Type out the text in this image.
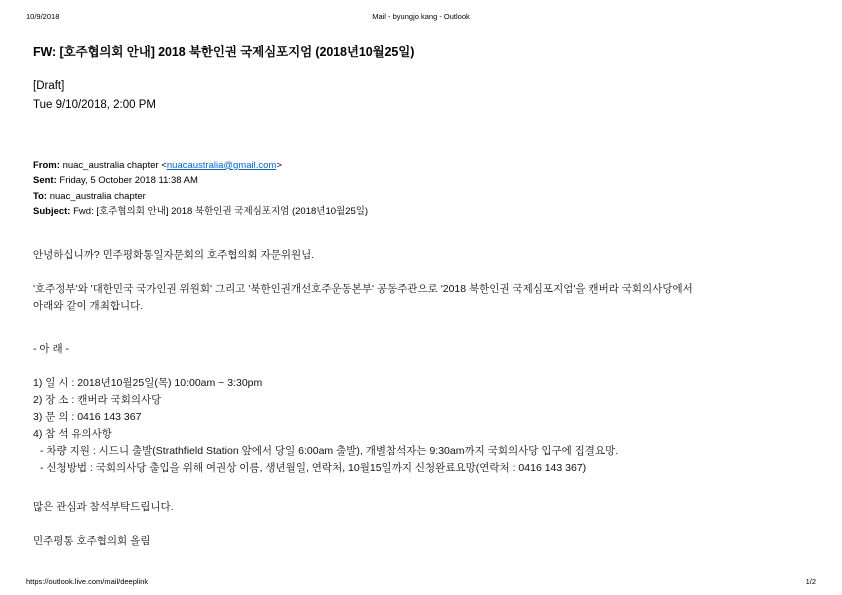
10/9/2018	Mail - byungjo kang - Outlook
FW: [호주협의회 안내] 2018 북한인권 국제심포지엄 (2018년10월25일)
[Draft]
Tue 9/10/2018, 2:00 PM
From: nuac_australia chapter <nuacaustralia@gmail.com>
Sent: Friday, 5 October 2018 11:38 AM
To: nuac_australia chapter
Subject: Fwd: [호주협의회 안내] 2018 북한인권 국제심포지엄 (2018년10월25일)
안녕하십니까? 민주평화통일자문회의 호주협의회 자문위원님.
'호주정부'와 '대한민국 국가인권 위원회' 그리고 '북한인권개선호주운동본부' 공동주관으로 '2018 북한인권 국제심포지엄'을 캔버라 국회의사당에서
아래와 같이 개최합니다.
- 아 래 -
1) 일 시 : 2018년10월25일(목) 10:00am ~ 3:30pm
2) 장 소 : 캔버라 국회의사당
3) 문 의 : 0416 143 367
4) 참 석 유의사항
- 차량 지원 : 시드니 출발(Strathfield Station 앞에서 당일 6:00am 출발), 개별참석자는 9:30am까지 국회의사당 입구에 집결요망.
- 신청방법 : 국회의사당 출입을 위해 여권상 이름, 생년월일, 연락처, 10월15일까지 신청완료요망(연락처 : 0416 143 367)
많은 관심과 참석부탁드립니다.
민주평통 호주협의회 올림
https://outlook.live.com/mail/deeplink	1/2
